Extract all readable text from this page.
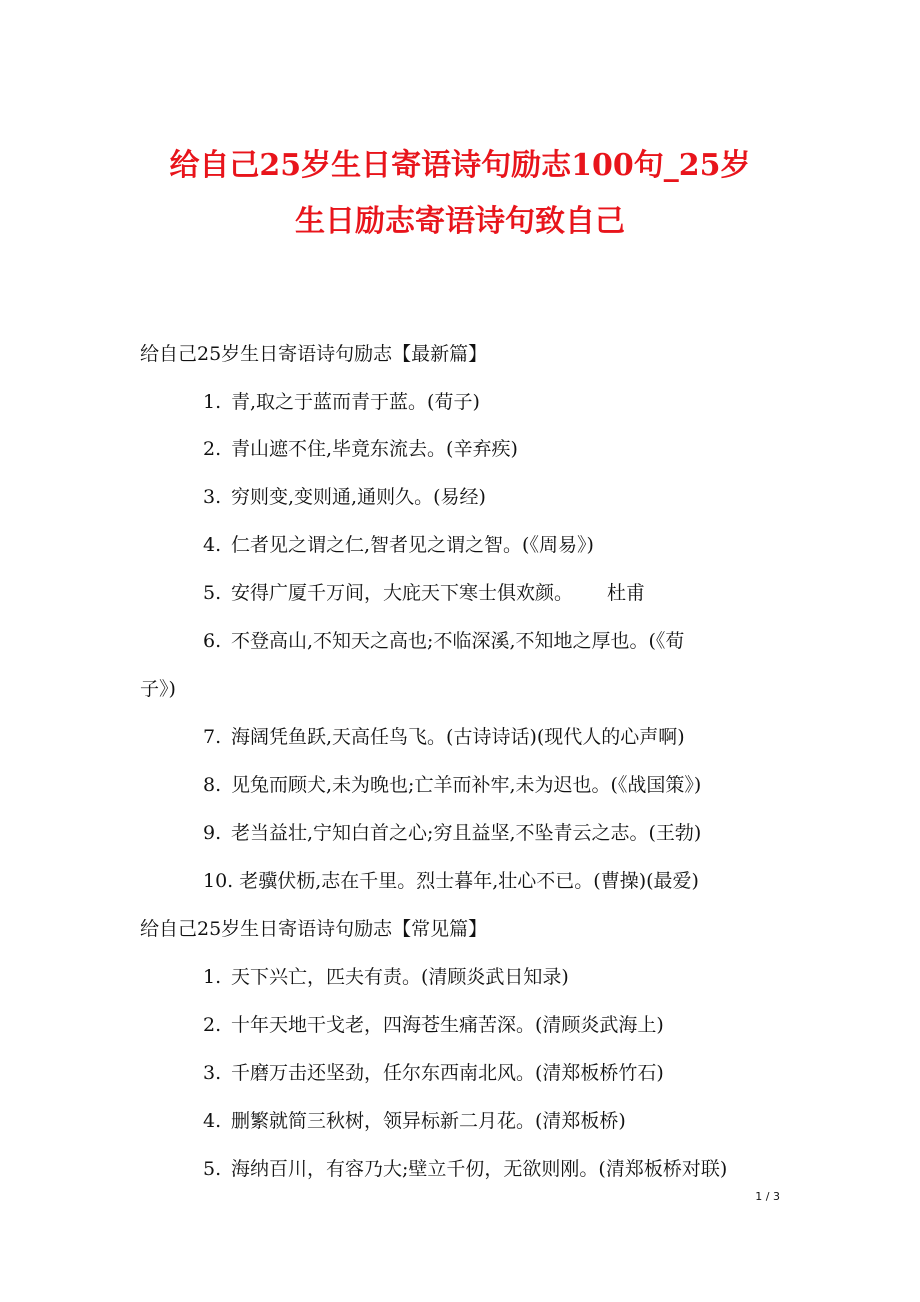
给自己25岁生日寄语诗句励志100句_25岁
生日励志寄语诗句致自己
给自己25岁生日寄语诗句励志【最新篇】
1. 青,取之于蓝而青于蓝。(荀子)
2. 青山遮不住,毕竟东流去。(辛弃疾)
3. 穷则变,变则通,通则久。(易经)
4. 仁者见之谓之仁,智者见之谓之智。(《周易》)
5. 安得广厦千万间，大庇天下寒士俱欢颜。 杜甫
6. 不登高山,不知天之高也;不临深溪,不知地之厚也。(《荀
子》)
7. 海阔凭鱼跃,天高任鸟飞。(古诗诗话)(现代人的心声啊)
8. 见兔而顾犬,未为晚也;亡羊而补牢,未为迟也。(《战国策》)
9. 老当益壮,宁知白首之心;穷且益坚,不坠青云之志。(王勃)
10. 老骥伏枥,志在千里。烈士暮年,壮心不已。(曹操)(最爱)
给自己25岁生日寄语诗句励志【常见篇】
1. 天下兴亡，匹夫有责。(清顾炎武日知录)
2. 十年天地干戈老，四海苍生痛苦深。(清顾炎武海上)
3. 千磨万击还坚劲，任尔东西南北风。(清郑板桥竹石)
4. 删繁就简三秋树，领异标新二月花。(清郑板桥)
5. 海纳百川，有容乃大;壁立千仞，无欲则刚。(清郑板桥对联)
1 / 3
